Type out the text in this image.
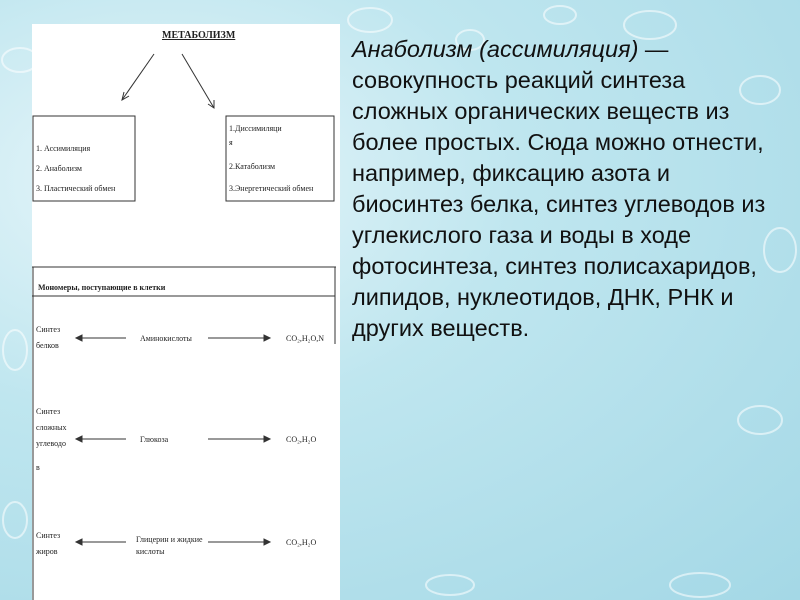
МЕТАБОЛИЗМ
1. Ассимиляция
2. Анаболизм
3. Пластический обмен
1.Диссимиляци
я
2.Катаболизм
3.Энергетический обмен
Мономеры, поступающие в клетки
Синтез
белков
Аминокислоты	CO₂,H₂O,N
Синтез
сложных
углеводо
в
Глюкоза	CO₂,H₂O
Синтез
жиров
Глицерин и жидкие
кислоты
CO₂,H₂O
Анаболизм (ассимиляция) — совокупность реакций синтеза сложных органических веществ из более простых. Сюда можно отнести, например, фиксацию азота и биосинтез белка, синтез углеводов из углекислого газа и воды в ходе фотосинтеза, синтез полисахаридов, липидов, нуклеотидов, ДНК, РНК и других веществ.
